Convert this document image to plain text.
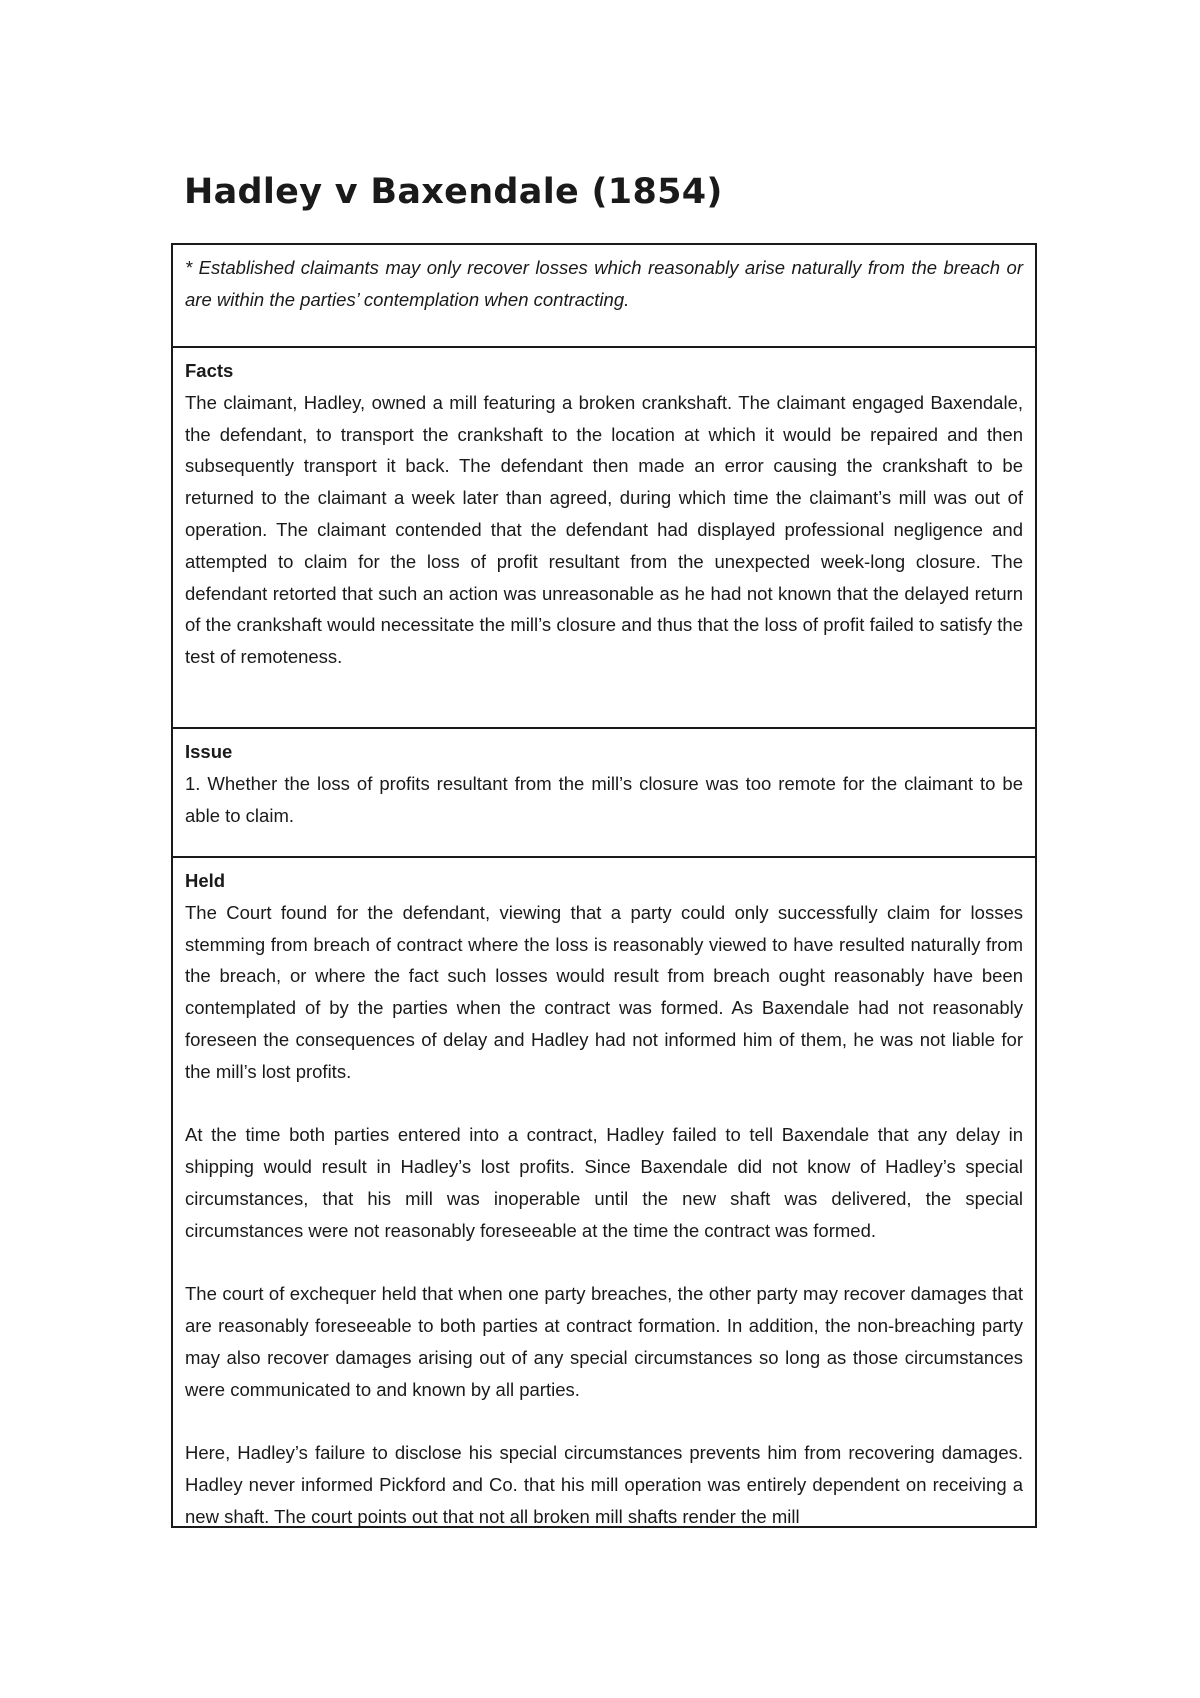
Hadley v Baxendale (1854)

* Established claimants may only recover losses which reasonably arise naturally from the breach or are within the parties’ contemplation when contracting.

Facts

The claimant, Hadley, owned a mill featuring a broken crankshaft. The claimant engaged Baxendale, the defendant, to transport the crankshaft to the location at which it would be repaired and then subsequently transport it back. The defendant then made an error causing the crankshaft to be returned to the claimant a week later than agreed, during which time the claimant’s mill was out of operation. The claimant contended that the defendant had displayed professional negligence and attempted to claim for the loss of profit resultant from the unexpected week-long closure. The defendant retorted that such an action was unreasonable as he had not known that the delayed return of the crankshaft would necessitate the mill’s closure and thus that the loss of profit failed to satisfy the test of remoteness.

Issue

1. Whether the loss of profits resultant from the mill’s closure was too remote for the claimant to be able to claim.

Held

The Court found for the defendant, viewing that a party could only successfully claim for losses stemming from breach of contract where the loss is reasonably viewed to have resulted naturally from the breach, or where the fact such losses would result from breach ought reasonably have been contemplated of by the parties when the contract was formed. As Baxendale had not reasonably foreseen the consequences of delay and Hadley had not informed him of them, he was not liable for the mill’s lost profits.

At the time both parties entered into a contract, Hadley failed to tell Baxendale that any delay in shipping would result in Hadley’s lost profits. Since Baxendale did not know of Hadley’s special circumstances, that his mill was inoperable until the new shaft was delivered, the special circumstances were not reasonably foreseeable at the time the contract was formed.

The court of exchequer held that when one party breaches, the other party may recover damages that are reasonably foreseeable to both parties at contract formation. In addition, the non-breaching party may also recover damages arising out of any special circumstances so long as those circumstances were communicated to and known by all parties.

Here, Hadley’s failure to disclose his special circumstances prevents him from recovering damages. Hadley never informed Pickford and Co. that his mill operation was entirely dependent on receiving a new shaft. The court points out that not all broken mill shafts render the mill
